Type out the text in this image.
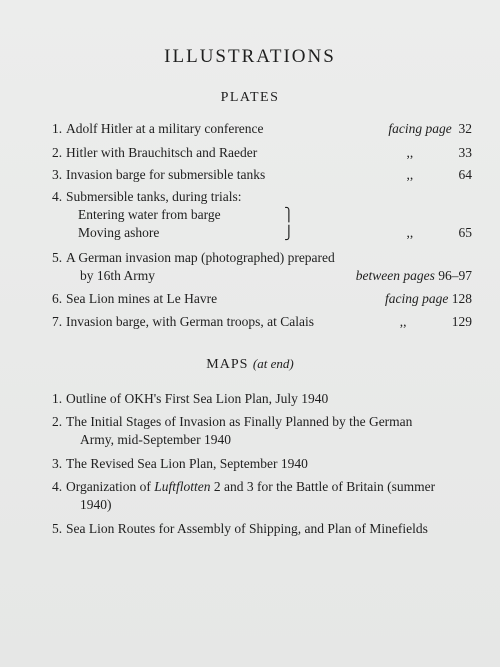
ILLUSTRATIONS
PLATES
1. Adolf Hitler at a military conference	facing page 32
2. Hitler with Brauchitsch and Raeder	,,	33
3. Invasion barge for submersible tanks	,,	64
4. Submersible tanks, during trials:
Entering water from barge
Moving ashore
⎫
⎭	,,	65
5. A German invasion map (photographed) prepared
by 16th Army	between pages 96–97
6. Sea Lion mines at Le Havre	facing page 128
7. Invasion barge, with German troops, at Calais	,,	129
MAPS (at end)
1. Outline of OKH's First Sea Lion Plan, July 1940
2. The Initial Stages of Invasion as Finally Planned by the German
Army, mid-September 1940
3. The Revised Sea Lion Plan, September 1940
4. Organization of Luftflotten 2 and 3 for the Battle of Britain (summer
1940)
5. Sea Lion Routes for Assembly of Shipping, and Plan of Minefields
